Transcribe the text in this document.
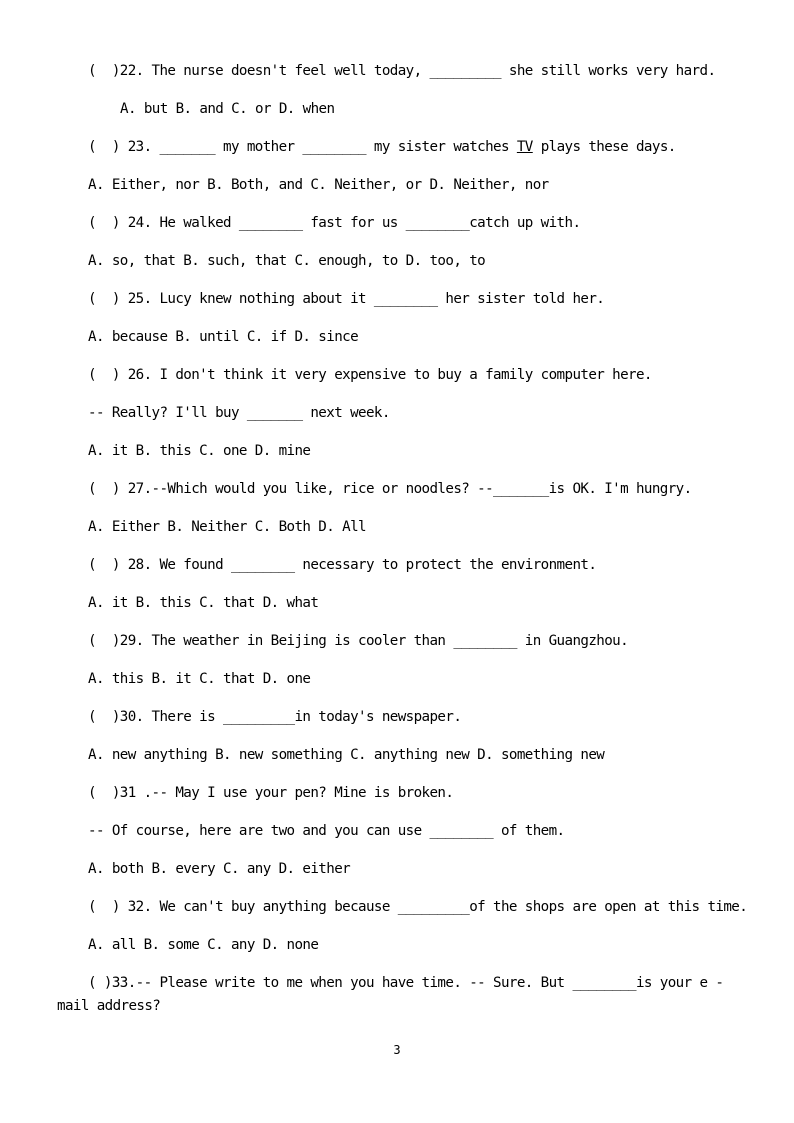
(  )22. The nurse doesn't feel well today, _________ she still works very hard.
A. but B. and C. or D. when
(  ) 23. _______ my mother ________ my sister watches TV plays these days.
A. Either, nor B. Both, and C. Neither, or D. Neither, nor
(  ) 24. He walked ________ fast for us ________catch up with.
A. so, that B. such, that C. enough, to D. too, to
(  ) 25. Lucy knew nothing about it ________ her sister told her.
A. because B. until C. if D. since
(  ) 26. I don't think it very expensive to buy a family computer here.
-- Really? I'll buy _______ next week.
A. it B. this C. one D. mine
(  ) 27.--Which would you like, rice or noodles? --_______is OK. I'm hungry.
A. Either B. Neither C. Both D. All
(  ) 28. We found ________ necessary to protect the environment.
A. it B. this C. that D. what
(  )29. The weather in Beijing is cooler than ________ in Guangzhou.
A. this B. it C. that D. one
(  )30. There is _________in today's newspaper.
A. new anything B. new something C. anything new D. something new
(  )31 .-- May I use your pen? Mine is broken.
-- Of course, here are two and you can use ________ of them.
A. both B. every C. any D. either
(  ) 32. We can't buy anything because _________of the shops are open at this time.
A. all B. some C. any D. none
( )33.-- Please write to me when you have time. -- Sure. But ________is your e - mail address?
3
